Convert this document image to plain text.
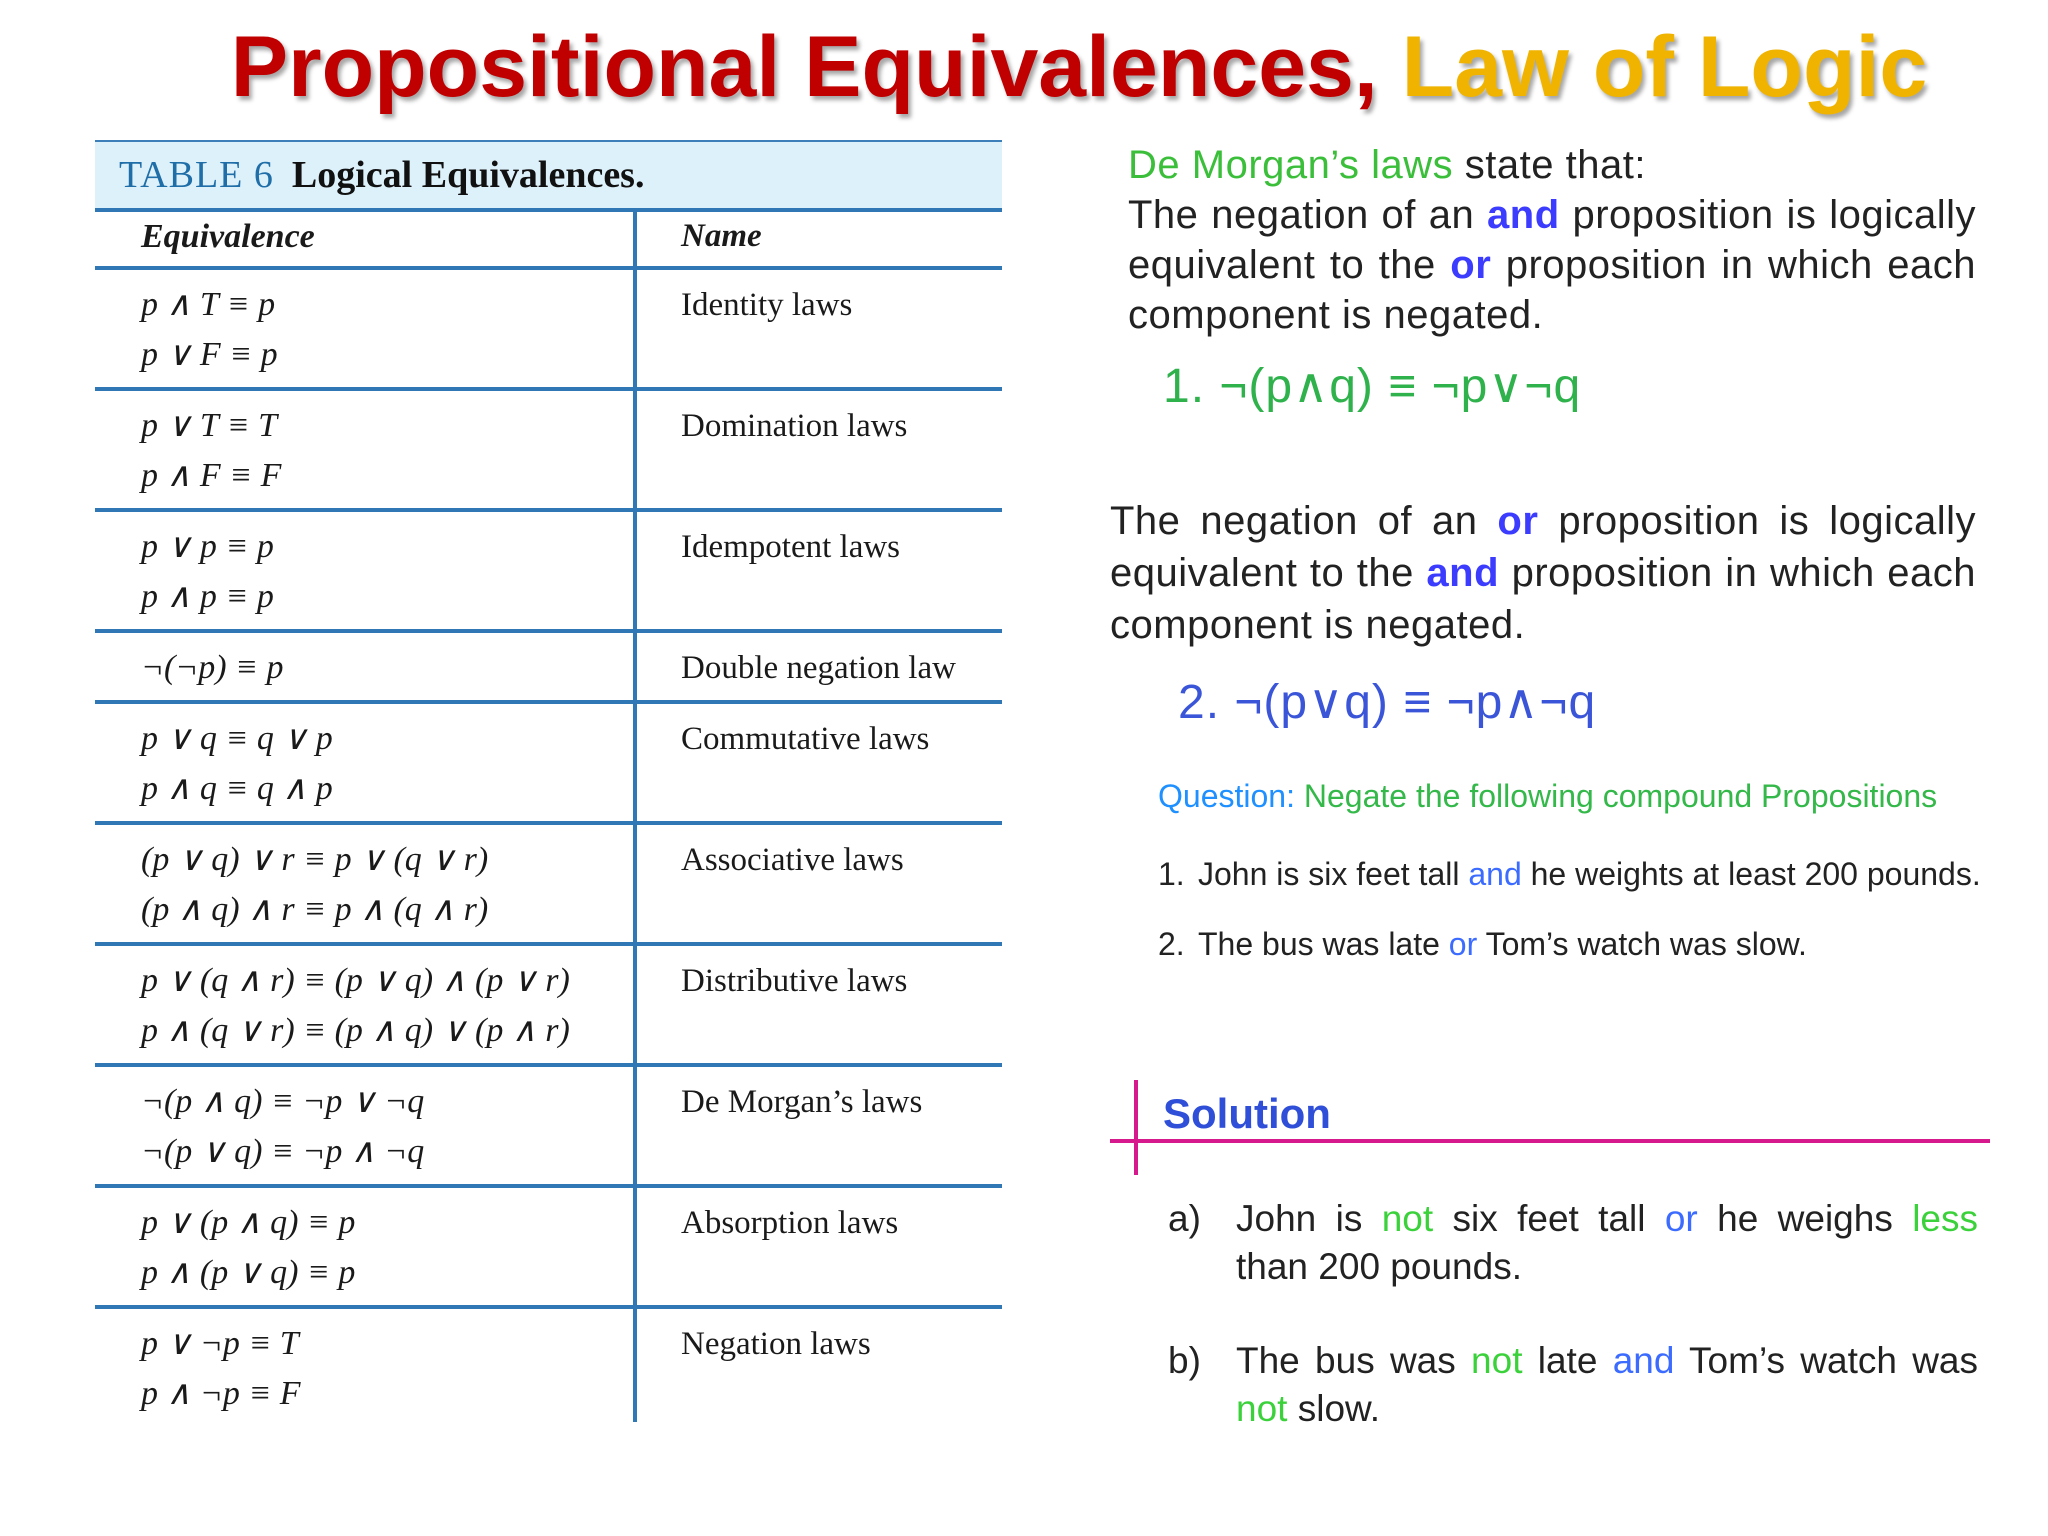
Propositional Equivalences, Law of Logic
TABLE 6 Logical Equivalences.
Equivalence	Name
p ∧ T ≡ p
p ∨ F ≡ p
Identity laws
p ∨ T ≡ T
p ∧ F ≡ F
Domination laws
p ∨ p ≡ p
p ∧ p ≡ p
Idempotent laws
¬(¬p) ≡ p	Double negation law
p ∨ q ≡ q ∨ p
p ∧ q ≡ q ∧ p
Commutative laws
(p ∨ q) ∨ r ≡ p ∨ (q ∨ r)
(p ∧ q) ∧ r ≡ p ∧ (q ∧ r)
Associative laws
p ∨ (q ∧ r) ≡ (p ∨ q) ∧ (p ∨ r)
p ∧ (q ∨ r) ≡ (p ∧ q) ∨ (p ∧ r)
Distributive laws
¬(p ∧ q) ≡ ¬p ∨ ¬q
¬(p ∨ q) ≡ ¬p ∧ ¬q
De Morgan’s laws
p ∨ (p ∧ q) ≡ p
p ∧ (p ∨ q) ≡ p
Absorption laws
p ∨ ¬p ≡ T
p ∧ ¬p ≡ F
Negation laws

De Morgan’s laws state that:

The negation of an and proposition is logically equivalent to the or proposition in which each component is negated.

1. ¬(p∧q) ≡ ¬p∨¬q

The negation of an or proposition is logically equivalent to the and proposition in which each component is negated.

2. ¬(p∨q) ≡ ¬p∧¬q
Question: Negate the following compound Propositions
1. John is six feet tall and he weights at least 200 pounds.
2. The bus was late or Tom’s watch was slow.
Solution
a) John is not six feet tall or he weighs less than 200 pounds.
b) The bus was not late and Tom’s watch was not slow.
